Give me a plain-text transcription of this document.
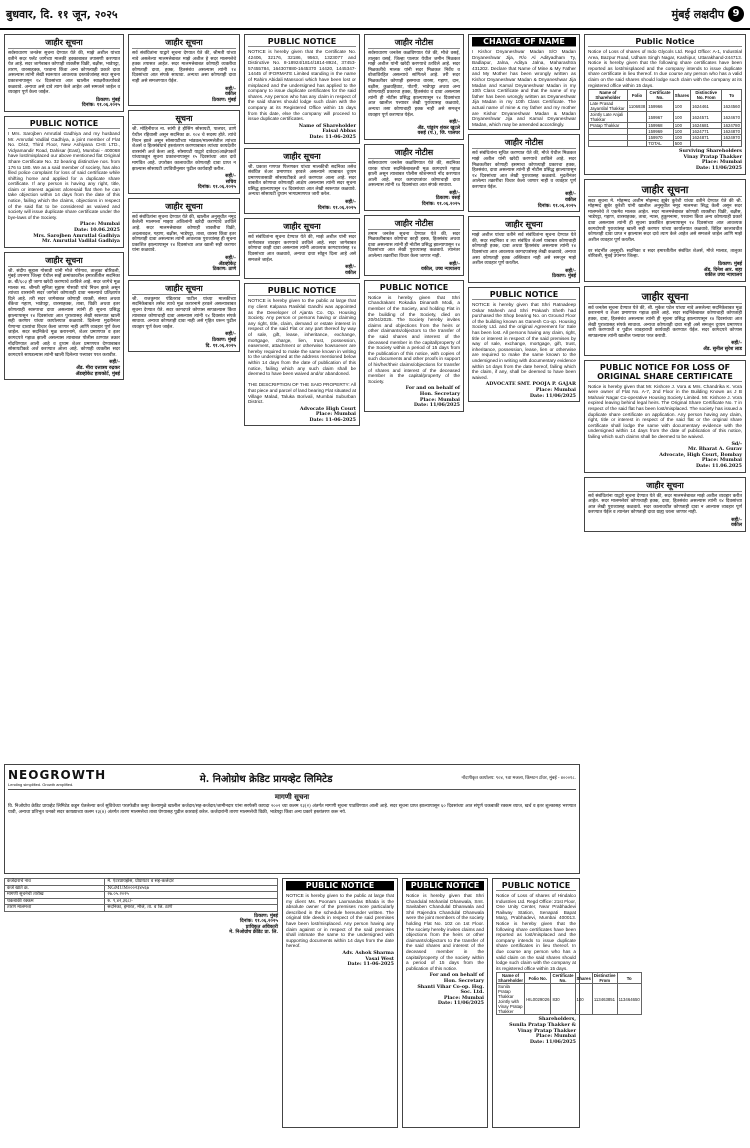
बुधवार, दि. ११ जून, २०२५	मुंबई लक्षदीप 9
जाहीर सूचना
सर्वसाधारण जनतेस सूचना देण्यात येते की, माझे अशील यांच्या वतीने सदर फ्लॅट जागेच्या मालकी हक्काबाबत तपासणी करण्यात येत आहे. सदर जागेबाबत कोणाही व्यक्तीस विक्री, बक्षीस, भाडेपट्टा, तारण, वारसाहक्क, परवाना किंवा अन्य कोणत्याही प्रकारे दावा असल्यास त्यांनी लेखी स्वरूपात आवश्यक दस्तावेजांसह सदर सूचना प्रकाशनापासून १४ दिवसांच्या आत खालील स्वाक्षरीकर्त्याकडे कळवावे. अन्यथा असे दावे त्याग केले आहेत असे समजले जाईल व व्यवहार पूर्ण केला जाईल.
ठिकाण: मुंबई
दिनांक: ११.०६.२०२५
PUBLIC NOTICE
I Mrs. Sarojben Amrutlal Gadhiya and my husband Mr. Amrutlal Vadilal Gadhiya, a joint member of Flat No. D/42, Third Floor, New Ashiyana CHS LTD., Vidyamandir Road, Dahisar (East), Mumbai - 400068 have lost/misplaced our above mentioned flat Original Share Certificate No. 32 bearing distinctive nos. from 176 to 180. We as a said member of society, has also filed police complaint for loss of said certificate while shifting home and applied for a duplicate share certificate. If any person is having any right, title, claim or interest against aforesaid flat then he can take objection within 14 days from the date of this notice, failing which the claims, objections in respect of the said flat to be considered as waived and society will issue duplicate share certificate under the bye-laws of the Society.
Place: Mumbai
Date: 10.06.2025
Mrs. Sarojben Amrutlal Gadhiya
Mr. Amrutlal Vadilal Gadhiya
जाहीर सूचना
श्री. संदीप सुहास गोसावी यांनी मौजे गोरेगाव, तालुका बोरिवली, मुंबई उपनगर जिल्हा येथील सर्व्हे क्रमांकावरील इमारतीतील सदनिका क्र. बी/६०३ ही जागा खरेदी करण्याचे ठरविले आहे. सदर जागेचे मूळ मालक स्व. श्रीमती सुनिता सुहास गोसावी यांचे निधन झाले असून त्यांच्या वारसांनी सदर जागेवर कोणताही दावा नसल्याचे प्रतिज्ञापत्र दिले आहे. तरी सदर जागेबाबत कोणाही व्यक्ती, संस्था अथवा बँकेचा गहाण, भाडेपट्टा, वारसाहक्क, ताबा, विक्री अथवा इतर कोणत्याही स्वरुपाचा दावा असल्यास त्यांनी ही सूचना प्रसिद्ध झाल्यापासून १४ दिवसांच्या आत पुराव्यासह लेखी स्वरूपात खाली सही करणार यांच्या कार्यालयात कळवावे. दिलेल्या मुदतीनंतर येणाऱ्या दाव्यांचा विचार केला जाणार नाही आणि व्यवहार पूर्ण केला जाईल. सदर सदनिकेचे मूळ करारनामे, शेअर प्रमाणपत्र व इतर कागदपत्रे गहाळ झाली असल्यास त्याबाबत पोलीस ठाण्यात तक्रार नोंदविण्यात आली आहे व दुय्यम शेअर प्रमाणपत्र देण्याबाबत सोसायटीकडे अर्ज करण्यात आला आहे. कोणाही व्यक्तीस सदर कागदपत्रे सापडल्यास त्यांनी खाली दिलेल्या पत्त्यावर परत करावीत.
सही/-
ॲड. मीरा दत्तात्रय रुद्रकर
ॲडव्होकेट हायकोर्ट, मुंबई
जाहीर सूचना
सर्व संबंधितांना याद्वारे सूचना देण्यात येते की, श्रीमती यांच्या नावे असलेल्या मालमत्तेबाबत माझे अशील हे सदर मालमत्तेचे हक्क तपासत आहेत. सदर मालमत्तेबाबत कोणाही व्यक्तीचा कोणताही दावा, हक्क, हितसंबंध असल्यास त्यांनी १४ दिवसांच्या आत संपर्क साधावा. अन्यथा असा कोणताही दावा नाही असे समजण्यात येईल.
सही/-
वकील
ठिकाण: मुंबई
सूचना
श्री. मोहिनीराज ना. सांगी हे हौसिंग सोसायटी, पालघर, ठाणे येथील रहिवासी असून सदनिका क्र. १०४ चे सदस्य होते. त्यांचे निधन झाले असून सोसायटीच्या भांडवल/मालमत्तेतील त्यांच्या शेअर्स व हितसंबंधाचे हस्तांतरण करण्याबाबत त्यांच्या कायदेशीर वारसांनी अर्ज केला आहे. सोसायटी याद्वारे दावेदार/आक्षेपकर्ते यांच्याकडून सूचना प्रकाशनापासून १५ दिवसांच्या आत दावे मागवित आहे. उपरोक्त कालावधीत कोणताही दावा प्राप्त न झाल्यास सोसायटी उपविधीनुसार पुढील कार्यवाही करील.
सही/-
सचिव
दिनांक: ११.०६.२०२५
जाहीर सूचना
सर्व संबंधितांना सूचना देण्यात येते की, खालील अनुसूचीत नमूद केलेली मालमत्ता माझ्या अशिलांनी खरेदी करण्याचे ठरविले आहे. सदर मालमत्तेबाबत कोणाही व्यक्तीचा विक्री, अदलाबदल, गहाण, बक्षीस, भाडेपट्टा, ताबा, वारसा किंवा इतर कोणताही दावा असल्यास त्यांनी आवश्यक पुराव्यांसह ही सूचना प्रकाशित झाल्यापासून १४ दिवसांच्या आत खाली सही करणार यांना कळवावे.
सही/-
ॲडव्होकेट
ठिकाण: ठाणे
जाहीर सूचना
श्री. राजकुमार पंडितराव पाटील यांच्या मालकीच्या सदनिकेबाबत तसेच त्याचे मूळ करारनामे हरवले असल्याबाबत सूचना देण्यात येते. सदर कागदपत्रे कोणास सापडल्यास किंवा त्याबाबत कोणाचाही दावा असल्यास त्यांनी १४ दिवसांत संपर्क साधावा. अन्यथा कोणताही दावा नाही असे गृहित धरून पुढील व्यवहार पूर्ण केला जाईल.
सही/-
ठिकाण: मुंबई
दि. ११.०६.२०२५
PUBLIC NOTICE
NOTICE is hereby given that the Certificate No. 42406, 32176, 32186, 9563, 1323077 and Distinctive No. 8-18924/1814/1814-8924, 37453-57455784, 164307880-1645370 14420, 1445347-14445 of IFORMATE Limited standing in the name of Rahim Abidali Mansoori which have been lost or misplaced and the undersigned has applied to the company to issue duplicate certificates for the said shares. Any person who has any claim in respect of the said shares should lodge such claim with the company at its Registered Office within 15 days from this date, else the company will proceed to issue duplicate certificates.
Name of Shareholder
Faisal Abbas
Date: 11-06-2025
जाहीर सूचना
श्री. प्रकाश गणपत पिलणकर यांच्या मालकीची सदनिका तसेच संबंधित शेअर प्रमाणपत्र हरवले असल्याने त्याबाबत दुय्यम प्रमाणपत्रासाठी सोसायटीकडे अर्ज करण्यात आला आहे. सदर बाबतीत कोणाचा कोणताही आक्षेप असल्यास त्यांनी सदर सूचना प्रसिद्ध झाल्यापासून १४ दिवसांच्या आत लेखी स्वरूपात कळवावे. अन्यथा सोसायटी दुय्यम भागप्रमाणपत्र जारी करेल.
सही/-
दिनांक: ११.०६.२०२५
जाहीर सूचना
सर्व संबंधितांना सूचना देण्यात येते की, माझे अशील यांनी सदर जागेबाबत व्यवहार करण्याचे ठरविले आहे. सदर जागेबाबत कोणाचा काही दावा असल्यास त्यांनी आवश्यक कागदपत्रांसह १४ दिवसांच्या आत कळवावे, अन्यथा दावा सोडून दिला आहे असे समजले जाईल.
सही/-
वकील
PUBLIC NOTICE
NOTICE is hereby given to the public at large that my client Kalpana Rasiklal Gandhi was appointed as the Developer of Ajanta Co. Op. Housing Society. Any person or persons having or claiming any right, title, claim, demand or estate interest in respect of the said Flat or any part thereof by way of sale, gift, lease, inheritance, exchange, mortgage, charge, lien, trust, possession, easement, attachment or otherwise howsoever are hereby required to make the same known in writing to the undersigned at the address mentioned below within 14 days from the date of publication of this notice, failing which any such claim shall be deemed to have been waived and/or abandoned.

THE DESCRIPTION OF THE SAID PROPERTY: All that piece and parcel of land bearing Flat situated at Village Malad, Taluka Borivali, Mumbai Suburban District.
Advocate High Court
Place: Mumbai
Date: 11-06-2025
जाहीर नोटीस
सर्वसाधारण जनतेस कळविण्यात येते की, मौजे वसई, तालुका वसई, जिल्हा पालघर येथील जमीन मिळकत माझे अशील यांनी खरेदी करण्याचे ठरविले आहे. सदर मिळकतीचे मालक यांनी सदर मिळकत निर्वेध व बोजाविरहित असल्याचे सांगितले आहे. तरी सदर मिळकतीवर कोणाही इसमाचा वारसा, गहाण, दान, बक्षीस, कुळवहिवाट, पोटगी, भाडेपट्टा अथवा अन्य कोणत्याही प्रकारचा हक्क, हितसंबंध व दावा असल्यास त्यांनी ही नोटीस प्रसिद्ध झाल्यापासून १४ दिवसांच्या आत खालील पत्त्यावर लेखी पुराव्यासह कळवावे, अन्यथा तसा कोणाचाही हक्क नाही असे समजून व्यवहार पूर्ण करण्यात येईल.
सही/-
ॲड. पांडुरंग शंकर खुटले
वसई (प.), जि. पालघर
जाहीर नोटीस
सर्वसाधारण जनतेस कळविण्यात येते की, सदनिका धारक यांच्या सदनिकेबाबतची मूळ कागदपत्रे गहाळ झाली असून त्याबाबत पोलीस स्टेशनमध्ये नोंद करण्यात आली आहे. सदर कागदपत्रांवर कोणाचाही दावा असल्यास त्यांनी १४ दिवसांच्या आत संपर्क साधावा.
सही/-
ठिकाण: वसई
दिनांक: ११.०६.२०२५
जाहीर नोटीस
तमाम जनतेस सूचना देण्यात येते की, सदर मिळकतीबाबत कोणाचा काही हक्क, हितसंबंध अथवा दावा असल्यास त्यांनी ही नोटीस प्रसिद्ध झाल्यापासून १४ दिवसांच्या आत लेखी पुराव्यासह कळवावे. त्यानंतर आलेल्या तक्रारींचा विचार केला जाणार नाही.
सही/-
वकील, उच्च न्यायालय
PUBLIC NOTICE
Notice is hereby given that Shri Chandrakant Rokadia Dinanath Modi, a member of the Society, and holding Flat in the building of the Society, died on 20/04/2025. The Society hereby invites claims and objections from the heirs or other claimants/objectors to the transfer of the said shares and interest of the deceased member in the capital/property of the Society within a period of 15 days from the publication of this notice, with copies of such documents and other proofs in support of his/her/their claims/objections for transfer of shares and interest of the deceased member in the capital/property of the Society.
For and on behalf of
Hon. Secretary
Place: Mumbai
Date: 11/06/2025
CHANGE OF NAME
I Kishor Dnyaneshwar Madan S/O Madan Dnyaneshwar Jija, R/o Al Adityadham Ty, Badlapur, Jalna, Aditya Jalna, Maharashtra 431202. Declare that Name of Mine & My Father and My Mother has been wrongly written as Kishor Dnyaneshwar Madan & Dnyaneshwar Jija Madan and Kamal Dnyaneshwar Madan in my 10th Class Certificate and that the name of my father has been wrongly written as Dnyaneshwar Jija Madan in my 10th Class Certificate. The actual name of mine & my father and my mother are Kishor Dnyaneshwar Madan & Madan Dnyaneshwar Jija and Kamal Dnyaneshwar Madan, which may be amended accordingly.
जाहीर नोटीस
सर्व संबंधितांना सूचित करण्यात येते की, मौजे येथील मिळकत माझे अशील यांनी खरेदी करण्याचे ठरविले आहे. सदर मिळकतीवर कोणाही इसमाचा कोणत्याही प्रकारचा हक्क, हितसंबंध, दावा असल्यास त्यांनी ही नोटीस प्रसिद्ध झाल्यापासून १४ दिवसांच्या आत लेखी पुराव्यासह कळवावे. मुदतीनंतर आलेल्या तक्रारींचा विचार केला जाणार नाही व व्यवहार पूर्ण करण्यात येईल.
सही/-
वकील
दिनांक: ११.०६.२०२५
जाहीर सूचना
माझे अशील यांच्या वतीने सर्व संबंधितांना सूचना देण्यात येते की, सदर सदनिका व त्या संबंधित शेअर्स याबाबत कोणाचाही कोणताही हक्क, दावा अथवा हितसंबंध असल्यास त्यांनी १४ दिवसांच्या आत आवश्यक कागदपत्रांसह लेखी कळवावे, अन्यथा असा कोणताही हक्क अस्तित्वात नाही असे समजून माझे अशील व्यवहार पूर्ण करतील.
सही/-
ठिकाण: मुंबई
PUBLIC NOTICE
NOTICE is hereby given that Shri Ratnadeep Oskar Mahesh and Shri Prakash Sheth had purchased the Shop bearing No. on Ground Floor of the building known as Ganesh Co-op. Housing Society Ltd. and the original Agreement for Sale has been lost. All persons having any claim, right, title or interest in respect of the said premises by way of sale, exchange, mortgage, gift, trust, inheritance, possession, lease, lien or otherwise are required to make the same known to the undersigned in writing with documentary evidence within 14 days from the date hereof, failing which the claim, if any, shall be deemed to have been waived.
ADVOCATE SMT. POOJA P. GAJAR
Place: Mumbai
Date: 11/06/2025
Public Notice
Notice of Loss of shares of Indo Glycols Ltd. Regd Office: A-1, Industrial Area, Bazpur Road, Udham Singh Nagar, Kashipur, Uttarakhand-244713. Notice is hereby given that the following share certificates have been reported as lost/misplaced and the company intends to issue duplicate share certificate in lieu thereof. In due course any person who has a valid claim on the said shares should lodge such claim with the company at its registered office within 15 days.
Name of Shareholder	Folio	Certificate No.	Shares	Distinctive No. From	To
Late Prasad Jayantilal Thakkar	1106938	159966	100	1624461	1624560
Jointly Late Anjali Thakkar		159967	100	1624571	1624670
Pratap Thakkar		159968	100	1624681	1624780
		159969	100	1624771	1624870
		159970	100	1624871	1624970
		TOTAL	500		
Surviving Shareholders
Vinay Pratap Thakker
Place: Mumbai
Date: 11/06/2025
जाहीर सूचना
सदर सूचना मे. मोहम्मद अजीम मोहम्मद झुबेर कुरेशी यांच्या वतीने देण्यात येते की श्री. मोहम्मद झुबेर कुरेशी यांनी खालील अनुसूचीत नमूद मालमत्ता सिद्ध केली असून सदर मालमत्तेचे ते एकमेव मालक आहेत. सदर मालमत्तेबाबत कोणाही व्यक्तीचा विक्री, बक्षीस, भाडेपट्टा, गहाण, वारसाहक्क, ताबा, न्यास, हुकूमनामा, परवाना किंवा अन्य कोणत्याही प्रकारे दावा असल्यास त्यांनी ही सूचना प्रकाशित झाल्यापासून १४ दिवसांच्या आत आवश्यक कागदोपत्री पुराव्यांसह खाली सही करणार यांच्या कार्यालयात कळवावे. विहित कालावधीत कोणताही दावा प्राप्त न झाल्यास सदर दावे त्याग केले आहेत असे समजले जाईल आणि माझे अशील व्यवहार पूर्ण करतील.

वर संदर्भीत अनुसूची: सदनिका व सदर इमारतीतील संबंधित शेअर्स, मौजे मालाड, तालुका बोरिवली, मुंबई उपनगर जिल्हा.
ठिकाण: मुंबई
ॲड. दिनेश आर. शहा
वकील उच्च न्यायालय
जाहीर सूचना
सर्व जनतेस सूचना देण्यात येते की, श्री. मुकेश पटेल यांच्या नावे असलेल्या सदनिकेबाबत मूळ करारनामे व शेअर प्रमाणपत्र गहाळ झाले आहे. सदर सदनिकेबाबत कोणाचाही कोणताही हक्क, दावा, हितसंबंध असल्यास त्यांनी ही सूचना प्रसिद्ध झाल्यापासून १४ दिवसांच्या आत लेखी पुराव्यासह संपर्क साधावा. अन्यथा कोणताही दावा नाही असे समजून दुय्यम प्रमाणपत्र जारी करण्याची व पुढील व्यवहाराची कार्यवाही करण्यात येईल. सदर कागदपत्रे कोणास सापडल्यास त्यांनी खालील पत्त्यावर परत करावी.
सही/-
ॲड. सुनील सुरेश लाड
PUBLIC NOTICE FOR LOSS OF ORIGINAL SHARE CERTIFICATE
Notice is hereby given that Mr. Kishore J. Vora & Mrs. Chandrika K. Vora were owner of Flat No. A-7, 2nd Floor in the Building Known as J B Mahavir Nagar Co-operative Housing Society Limited. Mr. Kishore J. Vora expired leaving behind legal heirs. The Original Share Certificate No. 7 in respect of the said flat has been lost/misplaced. The society has issued a duplicate share certificate on application. Any person having any claim, right, title or interest in respect of the said flat or the original share certificate shall lodge the same with documentary evidence with the undersigned within 14 days from the date of publication of this notice, failing which such claims shall be deemed to be waived.
Sd/-
Mr. Bharat A. Gurav
Advocate, High Court, Bombay
Place: Mumbai
Date: 11.06.2025
जाहीर सूचना
सर्व संबंधितांना याद्वारे सूचना देण्यात येते की, सदर मालमत्तेबाबत माझे अशील व्यवहार करीत आहेत. सदर मालमत्तेवर कोणाचाही हक्क, दावा, हितसंबंध असल्यास त्यांनी १४ दिवसांच्या आत लेखी पुराव्यासह कळवावे. सदर कालावधीत कोणताही दावा न आल्यास व्यवहार पूर्ण करण्यात येईल व त्यानंतर कोणताही दावा ग्राह्य धरला जाणार नाही.
सही/-
वकील
NEOGROWTH
Lending simplified. Growth amplified.	मे. निओग्रोथ क्रेडिट प्रायव्हेट लिमिटेड	नोंदणीकृत कार्यालय: ९०४, ९वा मजला, किंग्स्टन टॉवर, मुंबई - ४०००१८.
मागणी सूचना
वि. निओग्रोथ क्रेडिट प्रायव्हेट लिमिटेड कडून घेतलेल्या कर्ज सुविधेच्या परतफेडीत कसूर केल्यामुळे खालील कर्जदार/सह-कर्जदार/जामीनदार यांना सरफेसी कायदा २००२ च्या कलम १३(२) अंतर्गत मागणी सूचना पाठविण्यात आली आहे. सदर सूचना प्राप्त झाल्यापासून ६० दिवसांच्या आत संपूर्ण थकबाकी रक्कम व्याज, खर्च व इतर शुल्कासह भरण्यात यावी, अन्यथा प्रतिभूत धनको सदर कायद्याच्या कलम १३(४) अंतर्गत तारण मालमत्तेचा ताबा घेण्यासह पुढील कारवाई करेल. कर्जदारांनी तारण मालमत्तेची विक्री, भाडेपट्टा किंवा अन्य प्रकारे हस्तांतरण करू नये.
कर्जदाराचे नाव	मे. एंटरप्रायझेस, प्रोप्रायटर व सह-कर्जदार
कर्ज खाते क्र.	NGMUM०००२३४५६७
मागणी सूचनेची तारीख	२७.०५.२०२५
थकबाकी रक्कम	रु. ९,४२,३६८/-
तारण मालमत्ता	सदनिका, इमारत, मौजे, ता. व जि. ठाणे
ठिकाण: मुंबई
दिनांक: ११.०६.२०२५
प्राधिकृत अधिकारी
मे. निओग्रोथ क्रेडिट प्रा. लि.
PUBLIC NOTICE
NOTICE is hereby given to the public at large that my client Ms. Poonam Laxmandas Bhatia is the absolute owner of the premises more particularly described in the schedule hereunder written. The original title deeds in respect of the said premises have been lost/misplaced. Any person having any claim against or in respect of the said premises shall intimate the same to the undersigned with supporting documents within 14 days from the date hereof.
Adv. Ashok Sharma
Vasai West
Date: 11-06-2025
PUBLIC NOTICE
Notice is hereby given that Shri Chandulal Mohanlal Dhanwala, Smt. Savitaben Chandulal Dhanwala and Shri Rajendra Chandulal Dhanwala were the joint members of the society holding Flat No. 102 on 1st Floor. The society hereby invites claims and objections from the heirs or other claimants/objectors to the transfer of the said shares and interest of the deceased member in the capital/property of the society within a period of 15 days from the publication of this notice.
For and on behalf of
Hon. Secretary
Shanti Vihar Co-op. Hsg. Soc. Ltd.
Place: Mumbai
Date: 11/06/2025
PUBLIC NOTICE
Notice of Loss of shares of Hindalco Industries Ltd. Regd Office: 21st Floor, One Unity Center, Near Prabhadevi Railway Station, Senapati Bapat Marg, Prabhadevi, Mumbai 400013. Notice is hereby given that the following share certificates have been reported as lost/misplaced and the company intends to issue duplicate share certificates in lieu thereof. In due course any person who has a valid claim on the said shares should lodge such claim with the company at its registered office within 15 days.
Name of Shareholder	Folio No.	Certificate No.	Shares	Distinctive From	To
Sunila Pratap Thakkar Jointly with Vinay Pratap Thakker	HIL0029026	830	100	113463851	113464650
Shareholders,
Sunila Pratap Thakker &
Vinay Pratap Thakker
Place: Mumbai
Date: 11/06/2025
